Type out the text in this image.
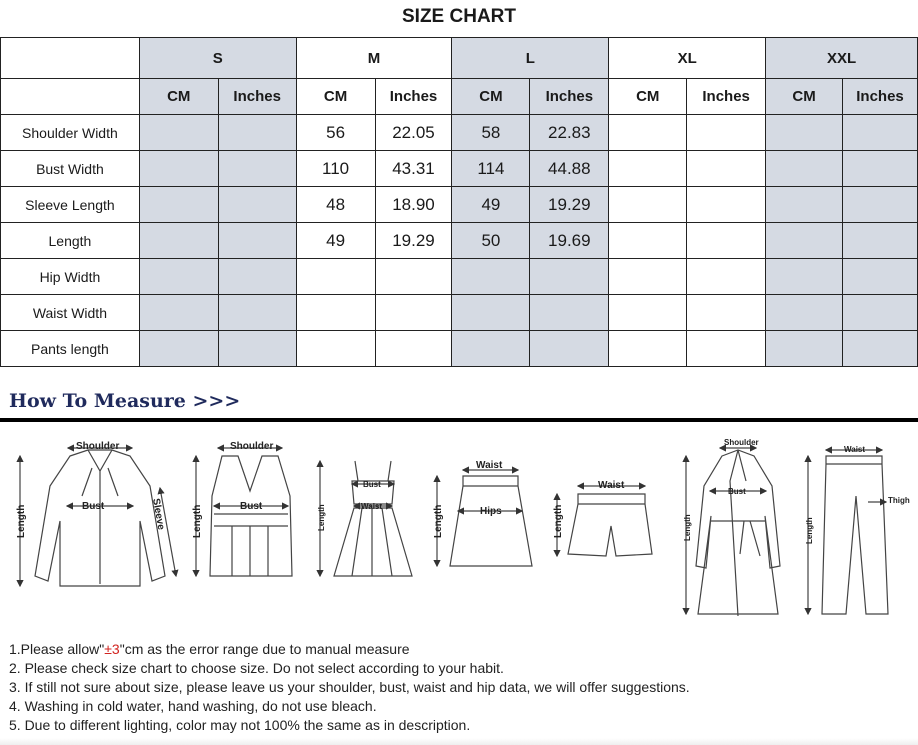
SIZE CHART
	S		M		L		XL		XXL	
	CM	Inches	CM	Inches	CM	Inches	CM	Inches	CM	Inches
Shoulder Width			56	22.05	58	22.83				
Bust Width			110	43.31	114	44.88				
Sleeve Length			48	18.90	49	19.29				
Length			49	19.29	50	19.69				
Hip Width										
Waist Width										
Pants length										
How To Measure >>>
Shoulder
Bust
Length	Sleeve
Shoulder
Bust
Length
Bust
Waist
Length
Waist
Hips
Length
Waist
Length
Shoulder
Bust
Length
Waist
Thigh
Length
1.Please allow"±3"cm as the error range due to manual measure
2. Please check size chart to choose size. Do not select according to your habit.
3. If still not sure about size, please leave us your shoulder, bust, waist and hip data, we will offer suggestions.
4. Washing in cold water, hand washing, do not use bleach.
5. Due to different lighting, color may not 100% the same as in description.
